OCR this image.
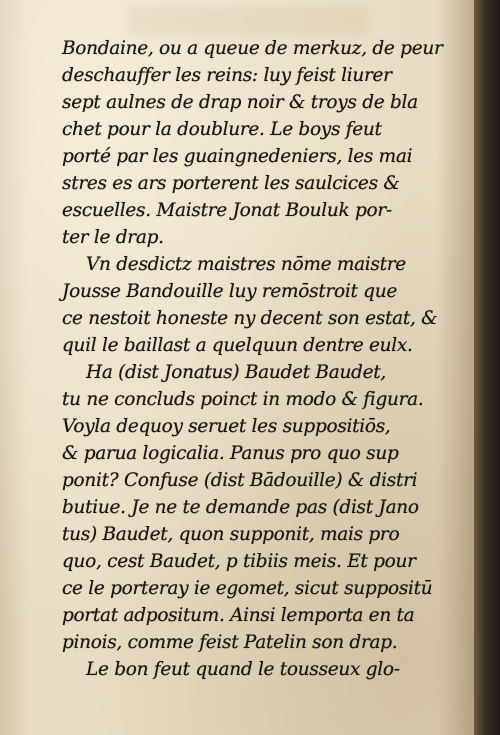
Bondaine, ou a queue de merkuz, de peur
deschauffer les reins: luy feist liurer
sept aulnes de drap noir & troys de bla
chet pour la doublure. Le boys feut
porté par les guaingnedeniers, les mai
stres es ars porterent les saulcices &
escuelles. Maistre Jonat Bouluk por-
ter le drap.
Vn desdictz maistres nōme maistre
Jousse Bandouille luy remōstroit que
ce nestoit honeste ny decent son estat, &
quil le baillast a quelquun dentre eulx.
Ha (dist Jonatus) Baudet Baudet,
tu ne concluds poinct in modo & figura.
Voyla dequoy seruet les suppositiōs,
& parua logicalia. Panus pro quo sup
ponit? Confuse (dist Bādouille) & distri
butiue. Je ne te demande pas (dist Jano
tus) Baudet, quon supponit, mais pro
quo, cest Baudet, p tibiis meis. Et pour
ce le porteray ie egomet, sicut suppositū
portat adpositum. Ainsi lemporta en ta
pinois, comme feist Patelin son drap.
Le bon feut quand le tousseux glo-
